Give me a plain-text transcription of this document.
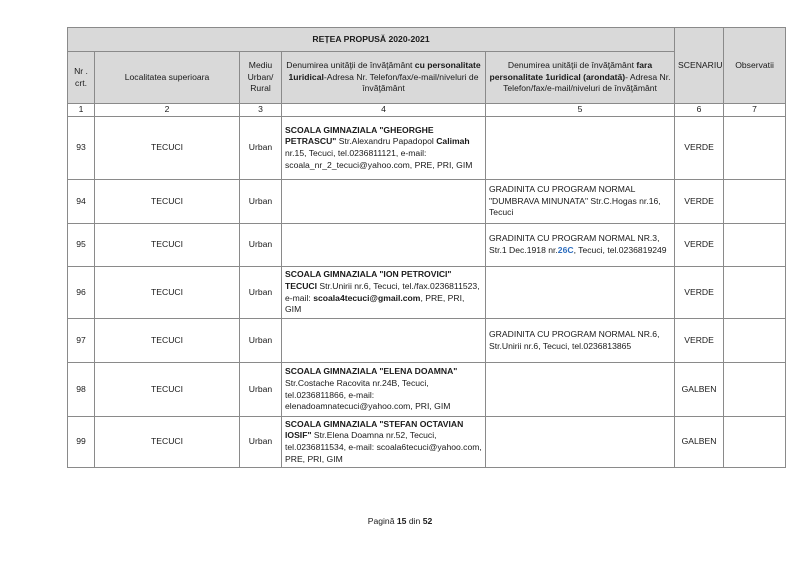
REȚEA PROPUSĂ 2020-2021					SCENARIU	Observatii
Nr . crt.	Localitatea superioara	Mediu Urban/ Rural	Denumirea unităţii de învăţământ cu personalitate 1uridical-Adresa Nr. Telefon/fax/e-mail/niveluri de învăţământ	Denumirea unităţii de învăţământ fara personalitate 1uridical (arondată)- Adresa Nr. Telefon/fax/e-mail/niveluri de învăţământ		
1	2	3	4	5	6	7
93	TECUCI	Urban	SCOALA GIMNAZIALA "GHEORGHE PETRASCU" Str.Alexandru Papadopol Calimah nr.15, Tecuci, tel.0236811121, e-mail: scoala_nr_2_tecuci@yahoo.com, PRE, PRI, GIM		VERDE	
94	TECUCI	Urban		GRADINITA CU PROGRAM NORMAL "DUMBRAVA MINUNATA" Str.C.Hogas nr.16, Tecuci	VERDE	
95	TECUCI	Urban		GRADINITA CU PROGRAM NORMAL NR.3, Str.1 Dec.1918 nr.26C, Tecuci, tel.0236819249	VERDE	
96	TECUCI	Urban	SCOALA GIMNAZIALA "ION PETROVICI" TECUCI Str.Unirii nr.6, Tecuci, tel./fax.0236811523, e-mail: scoala4tecuci@gmail.com, PRE, PRI, GIM		VERDE	
97	TECUCI	Urban		GRADINITA CU PROGRAM NORMAL NR.6, Str.Unirii nr.6, Tecuci, tel.0236813865	VERDE	
98	TECUCI	Urban	SCOALA GIMNAZIALA "ELENA DOAMNA" Str.Costache Racovita nr.24B, Tecuci, tel.0236811866, e-mail: elenadoamnatecuci@yahoo.com, PRI, GIM		GALBEN	
99	TECUCI	Urban	SCOALA GIMNAZIALA "STEFAN OCTAVIAN IOSIF" Str.Elena Doamna nr.52, Tecuci, tel.0236811534, e-mail: scoala6tecuci@yahoo.com, PRE, PRI, GIM		GALBEN	
Pagină 15 din 52
